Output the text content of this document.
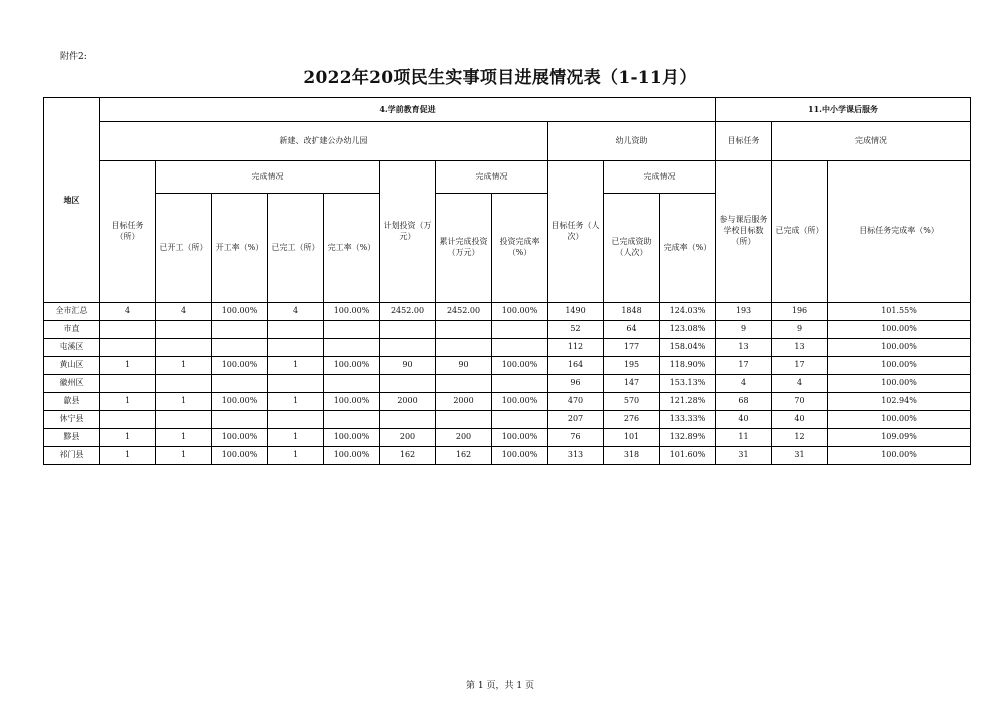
附件2:
2022年20项民生实事项目进展情况表（1-11月）
地区	4.学前教育促进											11.中小学课后服务		
	新建、改扩建公办幼儿园								幼儿资助			目标任务	完成情况	
	目标任务（所）	完成情况				计划投资（万元）	完成情况		目标任务（人次）	完成情况		参与课后服务学校目标数（所）	已完成（所）	目标任务完成率（%）
		已开工（所）	开工率（%）	已完工（所）	完工率（%）		累计完成投资（万元）	投资完成率（%）		已完成资助（人次）	完成率（%）			
全市汇总	4	4	100.00%	4	100.00%	2452.00	2452.00	100.00%	1490	1848	124.03%	193	196	101.55%
市直									52	64	123.08%	9	9	100.00%
屯溪区									112	177	158.04%	13	13	100.00%
黄山区	1	1	100.00%	1	100.00%	90	90	100.00%	164	195	118.90%	17	17	100.00%
徽州区									96	147	153.13%	4	4	100.00%
歙县	1	1	100.00%	1	100.00%	2000	2000	100.00%	470	570	121.28%	68	70	102.94%
休宁县									207	276	133.33%	40	40	100.00%
黟县	1	1	100.00%	1	100.00%	200	200	100.00%	76	101	132.89%	11	12	109.09%
祁门县	1	1	100.00%	1	100.00%	162	162	100.00%	313	318	101.60%	31	31	100.00%
第 1 页，共 1 页
